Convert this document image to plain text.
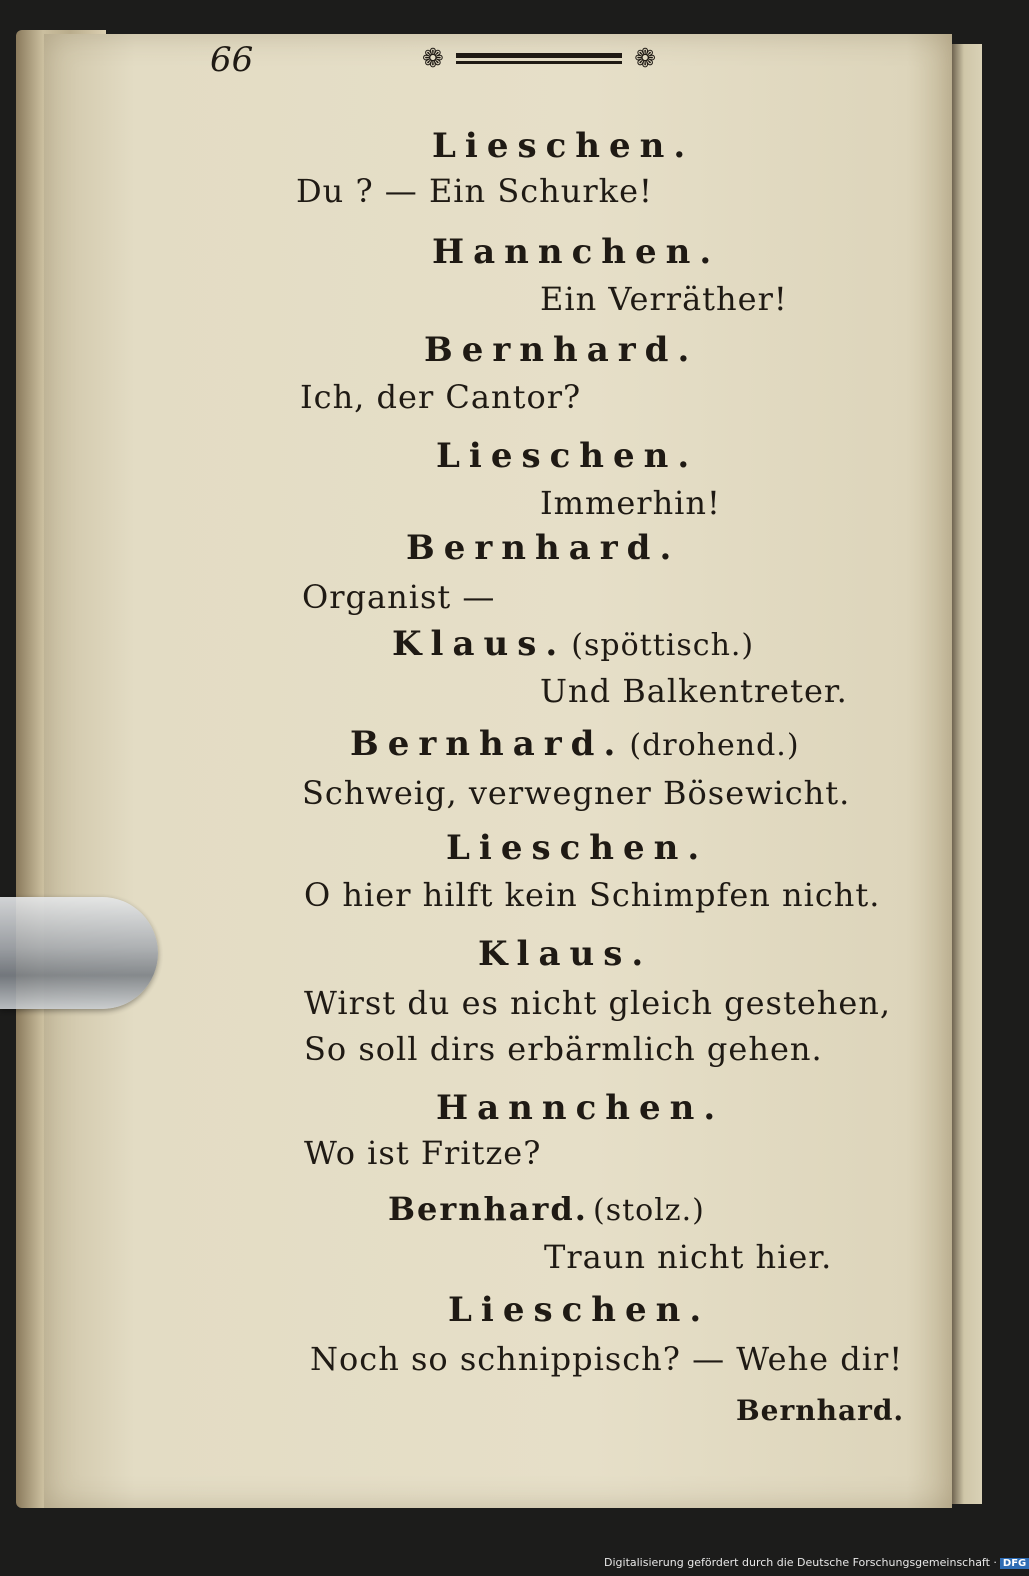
66	❁	❁
Lieschen.
Du ? — Ein Schurke!
Hannchen.
Ein Verräther!
Bernhard.
Ich, der Cantor?
Lieschen.
Immerhin!
Bernhard.
Organist —
Klaus. (spöttisch.)
Und Balkentreter.
Bernhard. (drohend.)
Schweig, verwegner Bösewicht.
Lieschen.
O hier hilft kein Schimpfen nicht.
Klaus.
Wirst du es nicht gleich gestehen,
So soll dirs erbärmlich gehen.
Hannchen.
Wo ist Fritze?
Bernhard. (stolz.)
Traun nicht hier.
Lieschen.
Noch so schnippisch? — Wehe dir!
Bernhard.
Digitalisierung gefördert durch die Deutsche Forschungsgemeinschaft · DFG
